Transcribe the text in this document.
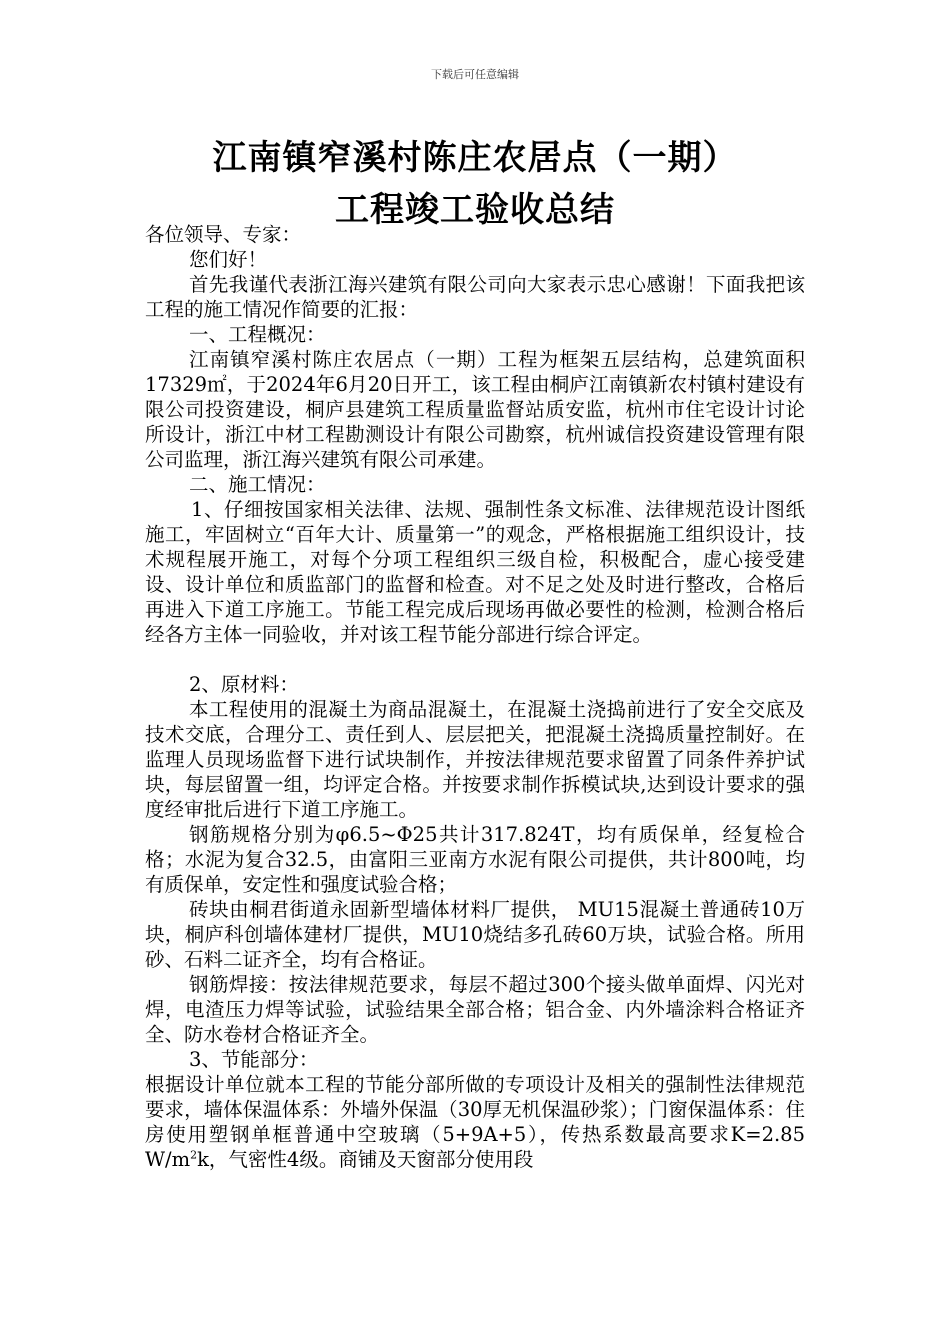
下载后可任意编辑
江南镇窄溪村陈庄农居点（一期）
工程竣工验收总结

各位领导、专家：

您们好！

首先我谨代表浙江海兴建筑有限公司向大家表示忠心感谢！下面我把该工程的施工情况作简要的汇报：

一、工程概况：

江南镇窄溪村陈庄农居点（一期）工程为框架五层结构，总建筑面积17329㎡，于2024年6月20日开工，该工程由桐庐江南镇新农村镇村建设有限公司投资建设，桐庐县建筑工程质量监督站质安监，杭州市住宅设计讨论所设计，浙江中材工程勘测设计有限公司勘察，杭州诚信投资建设管理有限公司监理，浙江海兴建筑有限公司承建。

二、施工情况：

1、仔细按国家相关法律、法规、强制性条文标准、法律规范设计图纸施工，牢固树立“百年大计、质量第一”的观念，严格根据施工组织设计，技术规程展开施工，对每个分项工程组织三级自检，积极配合，虚心接受建设、设计单位和质监部门的监督和检查。对不足之处及时进行整改，合格后再进入下道工序施工。节能工程完成后现场再做必要性的检测，检测合格后经各方主体一同验收，并对该工程节能分部进行综合评定。

2、原材料：

本工程使用的混凝土为商品混凝土，在混凝土浇捣前进行了安全交底及技术交底，合理分工、责任到人、层层把关，把混凝土浇捣质量控制好。在监理人员现场监督下进行试块制作，并按法律规范要求留置了同条件养护试块，每层留置一组，均评定合格。并按要求制作拆模试块,达到设计要求的强度经审批后进行下道工序施工。

钢筋规格分别为φ6.5~Φ25共计317.824T，均有质保单，经复检合格；水泥为复合32.5，由富阳三亚南方水泥有限公司提供，共计800吨，均有质保单，安定性和强度试验合格；

砖块由桐君街道永固新型墙体材料厂提供， MU15混凝土普通砖10万块，桐庐科创墙体建材厂提供，MU10烧结多孔砖60万块，试验合格。所用砂、石料二证齐全，均有合格证。

钢筋焊接：按法律规范要求，每层不超过300个接头做单面焊、闪光对焊，电渣压力焊等试验，试验结果全部合格；铝合金、内外墙涂料合格证齐全、防水卷材合格证齐全。

3、节能部分：

根据设计单位就本工程的节能分部所做的专项设计及相关的强制性法律规范要求，墙体保温体系：外墙外保温（30厚无机保温砂浆）；门窗保温体系：住房使用塑钢单框普通中空玻璃（5+9A+5），传热系数最高要求K=2.85 $W/m^2k$，气密性4级。商铺及天窗部分使用段
